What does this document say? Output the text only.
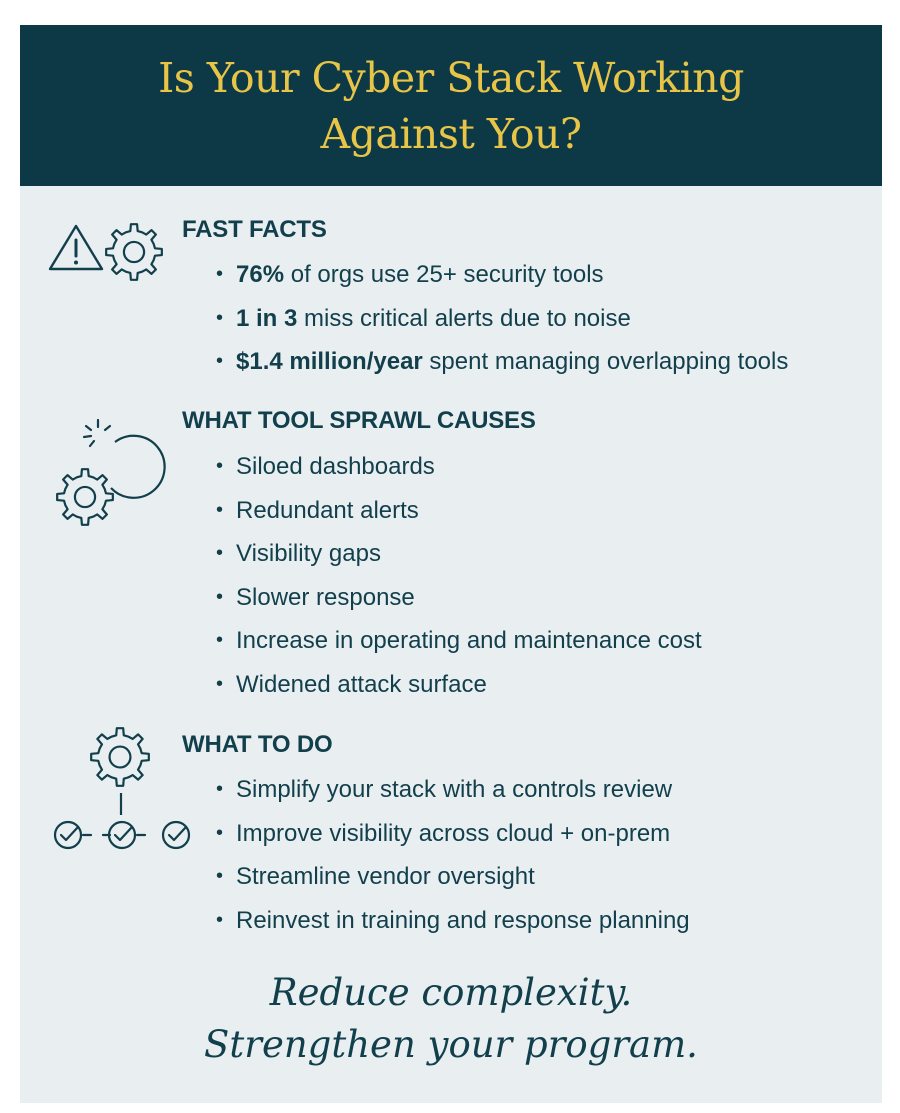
Is Your Cyber Stack Working
Against You?
FAST FACTS
• 76% of orgs use 25+ security tools
• 1 in 3 miss critical alerts due to noise
• $1.4 million/year spent managing overlapping tools
WHAT TOOL SPRAWL CAUSES
• Siloed dashboards
• Redundant alerts
• Visibility gaps
• Slower response
• Increase in operating and maintenance cost
• Widened attack surface
WHAT TO DO
• Simplify your stack with a controls review
• Improve visibility across cloud + on-prem
• Streamline vendor oversight
• Reinvest in training and response planning
Reduce complexity.
Strengthen your program.
